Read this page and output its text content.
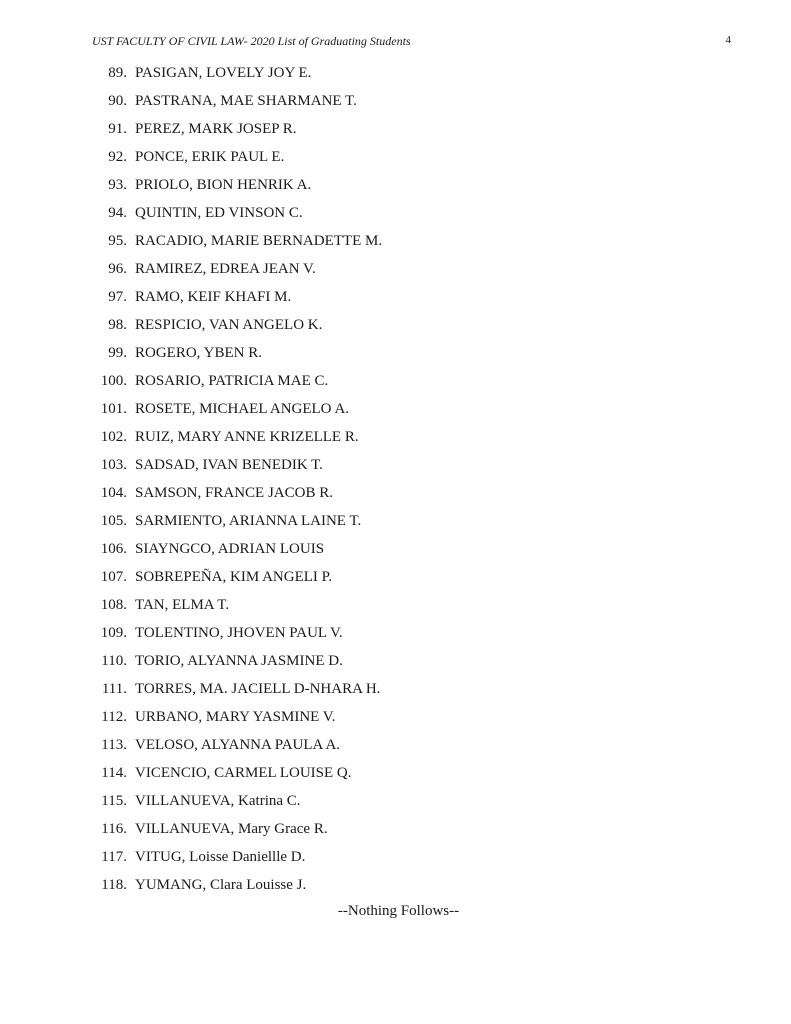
UST FACULTY OF CIVIL LAW- 2020 List of Graduating Students	4
89. PASIGAN, LOVELY JOY E.
90. PASTRANA, MAE SHARMANE T.
91. PEREZ, MARK JOSEP R.
92. PONCE, ERIK PAUL E.
93. PRIOLO, BION HENRIK A.
94. QUINTIN, ED VINSON C.
95. RACADIO, MARIE BERNADETTE M.
96. RAMIREZ, EDREA JEAN V.
97. RAMO, KEIF KHAFI M.
98. RESPICIO, VAN ANGELO K.
99. ROGERO, YBEN R.
100. ROSARIO, PATRICIA MAE C.
101. ROSETE, MICHAEL ANGELO A.
102. RUIZ, MARY ANNE KRIZELLE R.
103. SADSAD, IVAN BENEDIK T.
104. SAMSON, FRANCE JACOB R.
105. SARMIENTO, ARIANNA LAINE T.
106. SIAYNGCO, ADRIAN LOUIS
107. SOBREPEÑA, KIM ANGELI P.
108. TAN, ELMA T.
109. TOLENTINO, JHOVEN PAUL V.
110. TORIO, ALYANNA JASMINE D.
111. TORRES, MA. JACIELL D-NHARA H.
112. URBANO, MARY YASMINE V.
113. VELOSO, ALYANNA PAULA A.
114. VICENCIO, CARMEL LOUISE Q.
115. VILLANUEVA, Katrina C.
116. VILLANUEVA, Mary Grace R.
117. VITUG, Loisse Daniellle D.
118. YUMANG, Clara Louisse J.
--Nothing Follows--
